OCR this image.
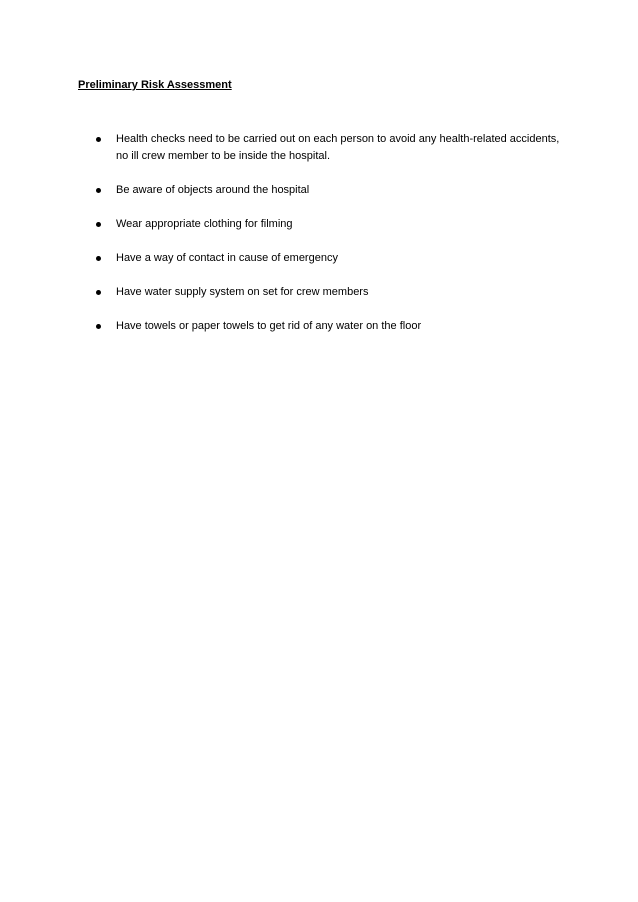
Preliminary Risk Assessment
Health checks need to be carried out on each person to avoid any health-related accidents, no ill crew member to be inside the hospital.
Be aware of objects around the hospital
Wear appropriate clothing for filming
Have a way of contact in cause of emergency
Have water supply system on set for crew members
Have towels or paper towels to get rid of any water on the floor
